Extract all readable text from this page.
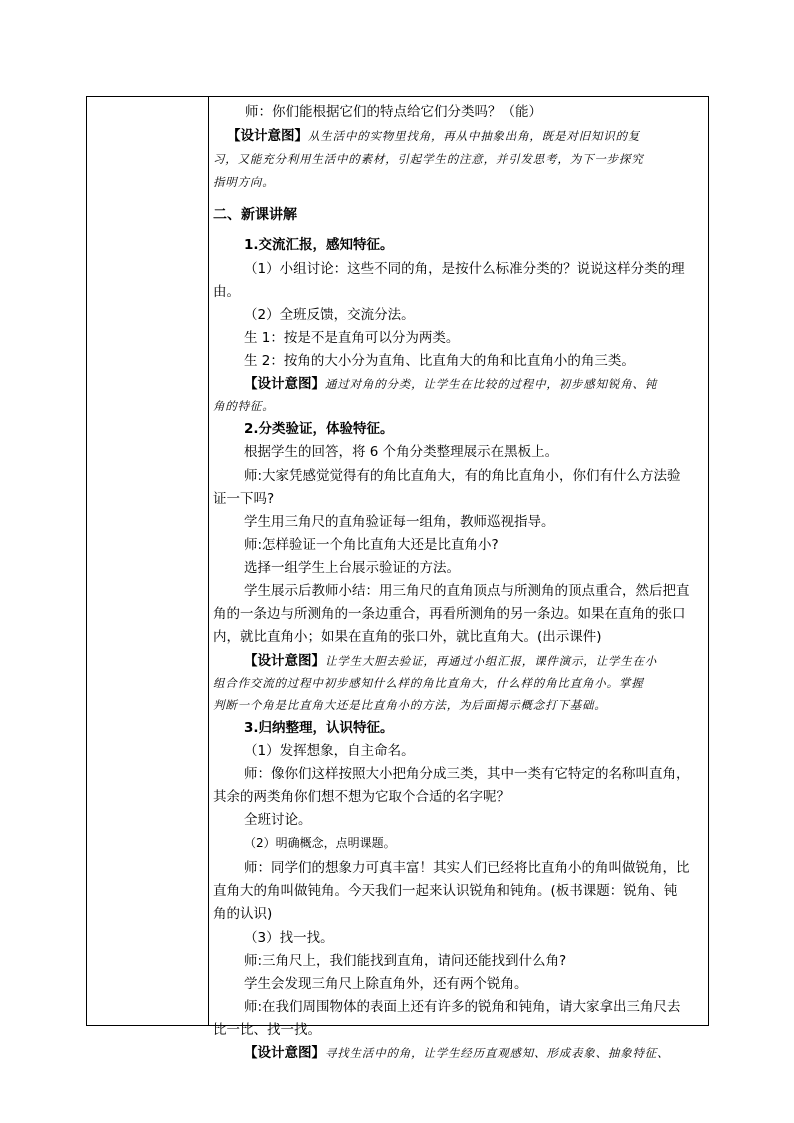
师：你们能根据它们的特点给它们分类吗？（能）
【设计意图】从生活中的实物里找角，再从中抽象出角，既是对旧知识的复
习，又能充分利用生活中的素材，引起学生的注意，并引发思考，为下一步探究
指明方向。
二、新课讲解
1.交流汇报，感知特征。
（1）小组讨论：这些不同的角，是按什么标准分类的？说说这样分类的理
由。
（2）全班反馈，交流分法。
生 1：按是不是直角可以分为两类。
生 2：按角的大小分为直角、比直角大的角和比直角小的角三类。
【设计意图】通过对角的分类，让学生在比较的过程中，初步感知锐角、钝
角的特征。
2.分类验证，体验特征。
根据学生的回答，将 6 个角分类整理展示在黑板上。
师:大家凭感觉觉得有的角比直角大，有的角比直角小，你们有什么方法验
证一下吗?
学生用三角尺的直角验证每一组角，教师巡视指导。
师:怎样验证一个角比直角大还是比直角小?
选择一组学生上台展示验证的方法。
学生展示后教师小结：用三角尺的直角顶点与所测角的顶点重合，然后把直
角的一条边与所测角的一条边重合，再看所测角的另一条边。如果在直角的张口
内，就比直角小；如果在直角的张口外，就比直角大。(出示课件)
【设计意图】让学生大胆去验证，再通过小组汇报，课件演示，让学生在小
组合作交流的过程中初步感知什么样的角比直角大，什么样的角比直角小。掌握
判断一个角是比直角大还是比直角小的方法，为后面揭示概念打下基础。
3.归纳整理，认识特征。
（1）发挥想象，自主命名。
师：像你们这样按照大小把角分成三类，其中一类有它特定的名称叫直角，
其余的两类角你们想不想为它取个合适的名字呢？
全班讨论。
（2）明确概念，点明课题。
师：同学们的想象力可真丰富！其实人们已经将比直角小的角叫做锐角，比
直角大的角叫做钝角。今天我们一起来认识锐角和钝角。(板书课题：锐角、钝
角的认识)
（3）找一找。
师:三角尺上，我们能找到直角，请问还能找到什么角?
学生会发现三角尺上除直角外，还有两个锐角。
师:在我们周围物体的表面上还有许多的锐角和钝角，请大家拿出三角尺去
比一比、找一找。
【设计意图】寻找生活中的角，让学生经历直观感知、形成表象、抽象特征、
